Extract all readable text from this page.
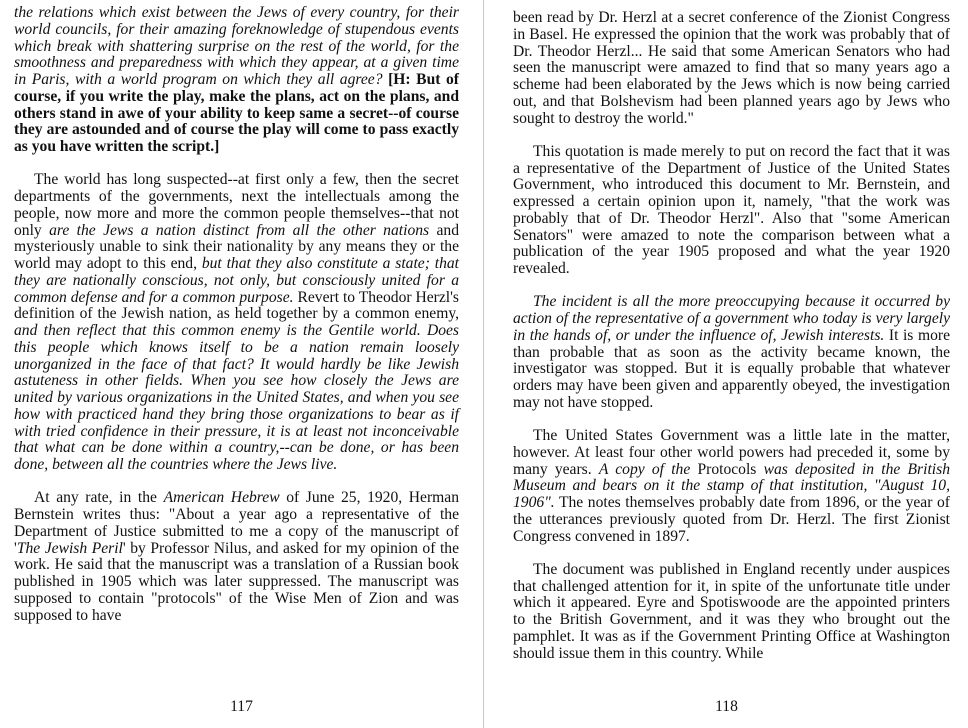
the relations which exist between the Jews of every country, for their world councils, for their amazing foreknowledge of stupendous events which break with shattering surprise on the rest of the world, for the smoothness and preparedness with which they appear, at a given time in Paris, with a world program on which they all agree? [H: But of course, if you write the play, make the plans, act on the plans, and others stand in awe of your ability to keep same a secret--of course they are astounded and of course the play will come to pass exactly as you have written the script.]

The world has long suspected--at first only a few, then the secret departments of the governments, next the intellectuals among the people, now more and more the common people themselves--that not only are the Jews a nation distinct from all the other nations and mysteriously unable to sink their nationality by any means they or the world may adopt to this end, but that they also constitute a state; that they are nationally conscious, not only, but consciously united for a common defense and for a common purpose. Revert to Theodor Herzl's definition of the Jewish nation, as held together by a common enemy, and then reflect that this common enemy is the Gentile world. Does this people which knows itself to be a nation remain loosely unorganized in the face of that fact? It would hardly be like Jewish astuteness in other fields. When you see how closely the Jews are united by various organizations in the United States, and when you see how with practiced hand they bring those organizations to bear as if with tried confidence in their pressure, it is at least not inconceivable that what can be done within a country,--can be done, or has been done, between all the countries where the Jews live.

At any rate, in the American Hebrew of June 25, 1920, Herman Bernstein writes thus: "About a year ago a representative of the Department of Justice submitted to me a copy of the manuscript of 'The Jewish Peril' by Professor Nilus, and asked for my opinion of the work. He said that the manuscript was a translation of a Russian book published in 1905 which was later suppressed. The manuscript was supposed to contain "protocols" of the Wise Men of Zion and was supposed to have

117

been read by Dr. Herzl at a secret conference of the Zionist Congress in Basel. He expressed the opinion that the work was probably that of Dr. Theodor Herzl... He said that some American Senators who had seen the manuscript were amazed to find that so many years ago a scheme had been elaborated by the Jews which is now being carried out, and that Bolshevism had been planned years ago by Jews who sought to destroy the world."

This quotation is made merely to put on record the fact that it was a representative of the Department of Justice of the United States Government, who introduced this document to Mr. Bernstein, and expressed a certain opinion upon it, namely, "that the work was probably that of Dr. Theodor Herzl". Also that "some American Senators" were amazed to note the comparison between what a publication of the year 1905 proposed and what the year 1920 revealed.

The incident is all the more preoccupying because it occurred by action of the representative of a government who today is very largely in the hands of, or under the influence of, Jewish interests. It is more than probable that as soon as the activity became known, the investigator was stopped. But it is equally probable that whatever orders may have been given and apparently obeyed, the investigation may not have stopped.

The United States Government was a little late in the matter, however. At least four other world powers had preceded it, some by many years. A copy of the Protocols was deposited in the British Museum and bears on it the stamp of that institution, "August 10, 1906". The notes themselves probably date from 1896, or the year of the utterances previously quoted from Dr. Herzl. The first Zionist Congress convened in 1897.

The document was published in England recently under auspices that challenged attention for it, in spite of the unfortunate title under which it appeared. Eyre and Spotiswoode are the appointed printers to the British Government, and it was they who brought out the pamphlet. It was as if the Government Printing Office at Washington should issue them in this country. While

118
